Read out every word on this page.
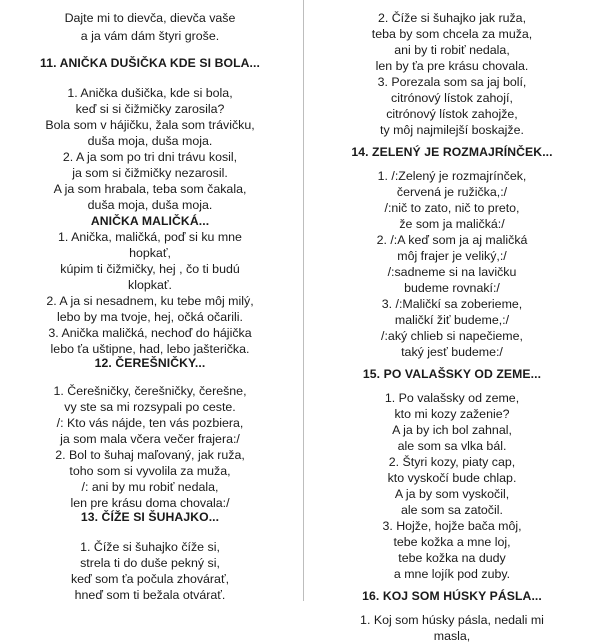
Dajte mi to dievča, dievča vaše
a ja vám dám štyri groše.
11. ANIČKA DUŠIČKA KDE SI BOLA...
1. Anička dušička, kde si bola,
keď si si čižmičky zarosila?
Bola som v hájičku, žala som trávičku,
duša moja, duša moja.
2. A ja som po tri dni trávu kosil,
ja som si čižmičky nezarosil.
A ja som hrabala, teba som čakala,
duša moja, duša moja.
ANIČKA MALIČKÁ...
1. Anička, maličká, poď si ku mne
hopkať,
kúpim ti čižmičky, hej , čo ti budú
klopkať.
2. A ja si nesadnem, ku tebe môj milý,
lebo by ma tvoje, hej, očká očarili.
3. Anička maličká, nechoď do hájička
lebo ťa uštipne, had, lebo jašterička.
12. ČEREŠNIČKY...
1. Čerešničky, čerešničky, čerešne,
vy ste sa mi rozsypali po ceste.
/: Kto vás nájde, ten vás pozbiera,
ja som mala včera večer frajera:/
2. Bol to šuhaj maľovaný, jak ruža,
toho som si vyvolila za muža,
/: ani by mu robiť nedala,
len pre krásu doma chovala:/
13. ČÍŽE SI ŠUHAJKO...
1. Číže si šuhajko číže si,
strela ti do duše pekný si,
keď som ťa počula zhovárať,
hneď som ti bežala otvárať.
2. Číže si šuhajko jak ruža,
teba by som chcela za muža,
ani by ti robiť nedala,
len by ťa pre krásu chovala.
3. Porezala som sa jaj bolí,
citrónový lístok zahojí,
citrónový lístok zahojže,
ty môj najmilejší boskajže.
14. ZELENÝ JE ROZMAJRÍNČEK...
1. /:Zelený je rozmajrínček,
červená je ružička,:/
/:nič to zato, nič to preto,
že som ja maličká:/
2. /:A keď som ja aj maličká
môj frajer je veliký,:/
/:sadneme si na lavičku
budeme rovnakí:/
3. /:Maličkí sa zoberieme,
maličkí žiť budeme,:/
/:aký chlieb si napečieme,
taký jesť budeme:/
15. PO VALAŠSKY OD ZEME...
1. Po valašsky od zeme,
kto mi kozy zaženie?
A ja by ich bol zahnal,
ale som sa vlka bál.
2. Štyri kozy, piaty cap,
kto vyskočí bude chlap.
A ja by som vyskočil,
ale som sa zatočil.
3. Hojže, hojže bača môj,
tebe kožka a mne loj,
tebe kožka na dudy
a mne lojík pod zuby.
16. KOJ SOM HÚSKY PÁSLA...
1. Koj som húsky pásla, nedali mi
masla,
